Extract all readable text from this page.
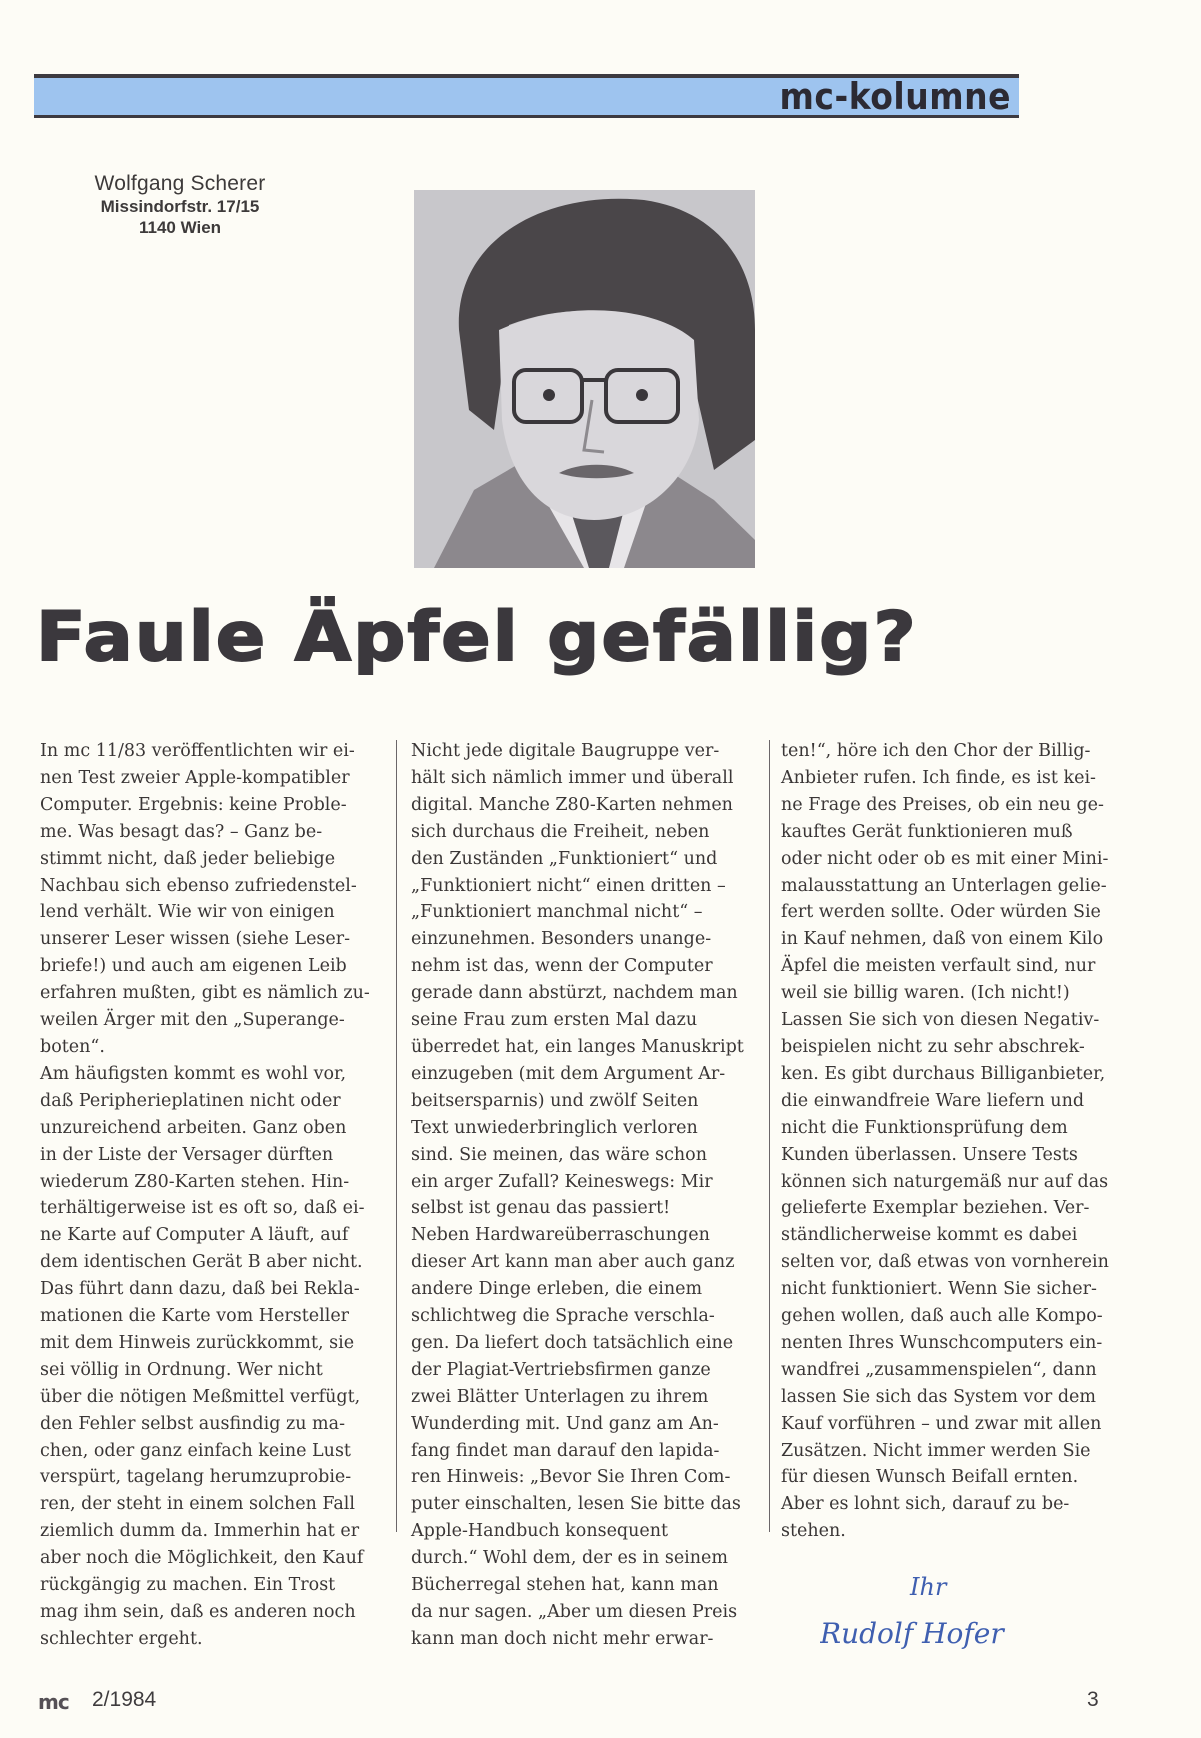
mc-kolumne
Wolfgang Scherer
Missindorfstr. 17/15
1140 Wien
Faule Äpfel gefällig?
In mc 11/83 veröffentlichten wir ei-
nen Test zweier Apple-kompatibler
Computer. Ergebnis: keine Proble-
me. Was besagt das? – Ganz be-
stimmt nicht, daß jeder beliebige
Nachbau sich ebenso zufriedenstel-
lend verhält. Wie wir von einigen
unserer Leser wissen (siehe Leser-
briefe!) und auch am eigenen Leib
erfahren mußten, gibt es nämlich zu-
weilen Ärger mit den „Superange-
boten“.
Am häufigsten kommt es wohl vor,
daß Peripherieplatinen nicht oder
unzureichend arbeiten. Ganz oben
in der Liste der Versager dürften
wiederum Z80-Karten stehen. Hin-
terhältigerweise ist es oft so, daß ei-
ne Karte auf Computer A läuft, auf
dem identischen Gerät B aber nicht.
Das führt dann dazu, daß bei Rekla-
mationen die Karte vom Hersteller
mit dem Hinweis zurückkommt, sie
sei völlig in Ordnung. Wer nicht
über die nötigen Meßmittel verfügt,
den Fehler selbst ausfindig zu ma-
chen, oder ganz einfach keine Lust
verspürt, tagelang herumzuprobie-
ren, der steht in einem solchen Fall
ziemlich dumm da. Immerhin hat er
aber noch die Möglichkeit, den Kauf
rückgängig zu machen. Ein Trost
mag ihm sein, daß es anderen noch
schlechter ergeht.
Nicht jede digitale Baugruppe ver-
hält sich nämlich immer und überall
digital. Manche Z80-Karten nehmen
sich durchaus die Freiheit, neben
den Zuständen „Funktioniert“ und
„Funktioniert nicht“ einen dritten –
„Funktioniert manchmal nicht“ –
einzunehmen. Besonders unange-
nehm ist das, wenn der Computer
gerade dann abstürzt, nachdem man
seine Frau zum ersten Mal dazu
überredet hat, ein langes Manuskript
einzugeben (mit dem Argument Ar-
beitsersparnis) und zwölf Seiten
Text unwiederbringlich verloren
sind. Sie meinen, das wäre schon
ein arger Zufall? Keineswegs: Mir
selbst ist genau das passiert!
Neben Hardwareüberraschungen
dieser Art kann man aber auch ganz
andere Dinge erleben, die einem
schlichtweg die Sprache verschla-
gen. Da liefert doch tatsächlich eine
der Plagiat-Vertriebsfirmen ganze
zwei Blätter Unterlagen zu ihrem
Wunderding mit. Und ganz am An-
fang findet man darauf den lapida-
ren Hinweis: „Bevor Sie Ihren Com-
puter einschalten, lesen Sie bitte das
Apple-Handbuch konsequent
durch.“ Wohl dem, der es in seinem
Bücherregal stehen hat, kann man
da nur sagen. „Aber um diesen Preis
kann man doch nicht mehr erwar-
ten!“, höre ich den Chor der Billig-
Anbieter rufen. Ich finde, es ist kei-
ne Frage des Preises, ob ein neu ge-
kauftes Gerät funktionieren muß
oder nicht oder ob es mit einer Mini-
malausstattung an Unterlagen gelie-
fert werden sollte. Oder würden Sie
in Kauf nehmen, daß von einem Kilo
Äpfel die meisten verfault sind, nur
weil sie billig waren. (Ich nicht!)
Lassen Sie sich von diesen Negativ-
beispielen nicht zu sehr abschrek-
ken. Es gibt durchaus Billiganbieter,
die einwandfreie Ware liefern und
nicht die Funktionsprüfung dem
Kunden überlassen. Unsere Tests
können sich naturgemäß nur auf das
gelieferte Exemplar beziehen. Ver-
ständlicherweise kommt es dabei
selten vor, daß etwas von vornherein
nicht funktioniert. Wenn Sie sicher-
gehen wollen, daß auch alle Kompo-
nenten Ihres Wunschcomputers ein-
wandfrei „zusammenspielen“, dann
lassen Sie sich das System vor dem
Kauf vorführen – und zwar mit allen
Zusätzen. Nicht immer werden Sie
für diesen Wunsch Beifall ernten.
Aber es lohnt sich, darauf zu be-
stehen.
Ihr
Rudolf Hofer
mc 2/1984	3
